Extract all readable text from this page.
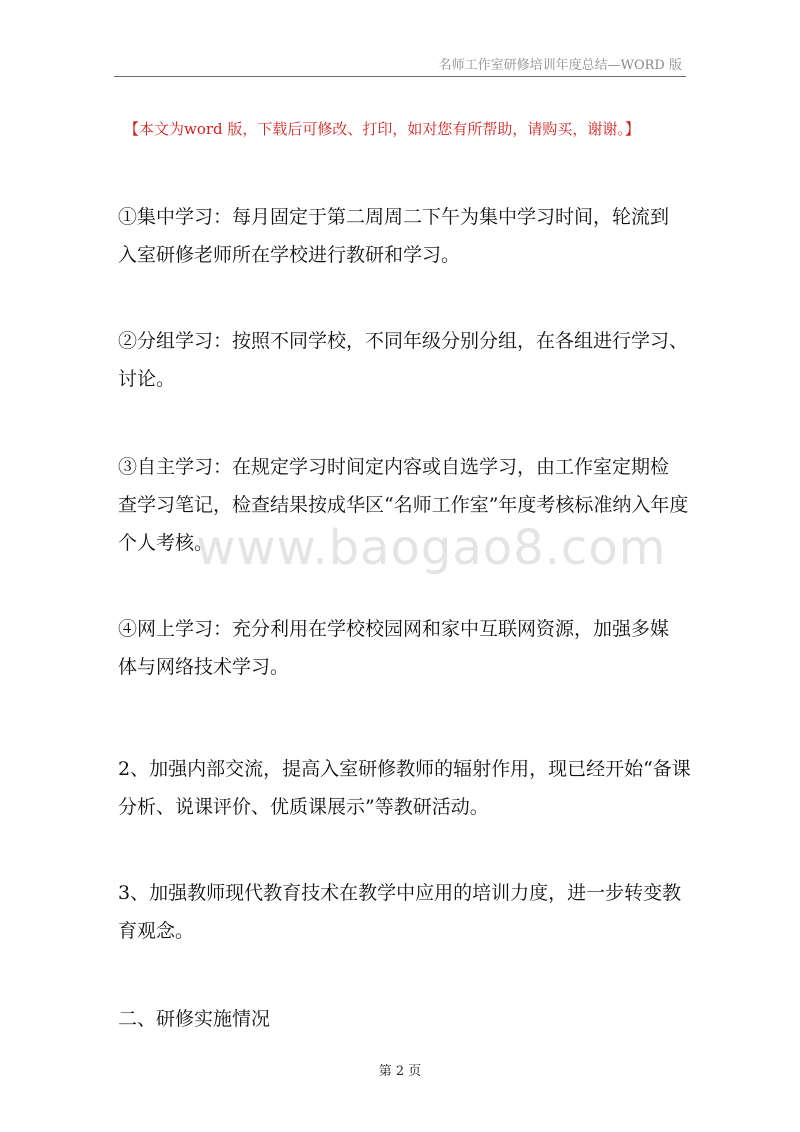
名师工作室研修培训年度总结—WORD 版
【本文为word 版，下载后可修改、打印，如对您有所帮助，请购买，谢谢。】
①集中学习：每月固定于第二周周二下午为集中学习时间，轮流到
入室研修老师所在学校进行教研和学习。
②分组学习：按照不同学校，不同年级分别分组，在各组进行学习、
讨论。
③自主学习：在规定学习时间定内容或自选学习，由工作室定期检
查学习笔记，检查结果按成华区“名师工作室”年度考核标准纳入年度
个人考核。
④网上学习：充分利用在学校校园网和家中互联网资源，加强多媒
体与网络技术学习。
2、加强内部交流，提高入室研修教师的辐射作用，现已经开始“备课
分析、说课评价、优质课展示”等教研活动。
3、加强教师现代教育技术在教学中应用的培训力度，进一步转变教
育观念。
二、研修实施情况
www.baogao8.com
第 2 页
